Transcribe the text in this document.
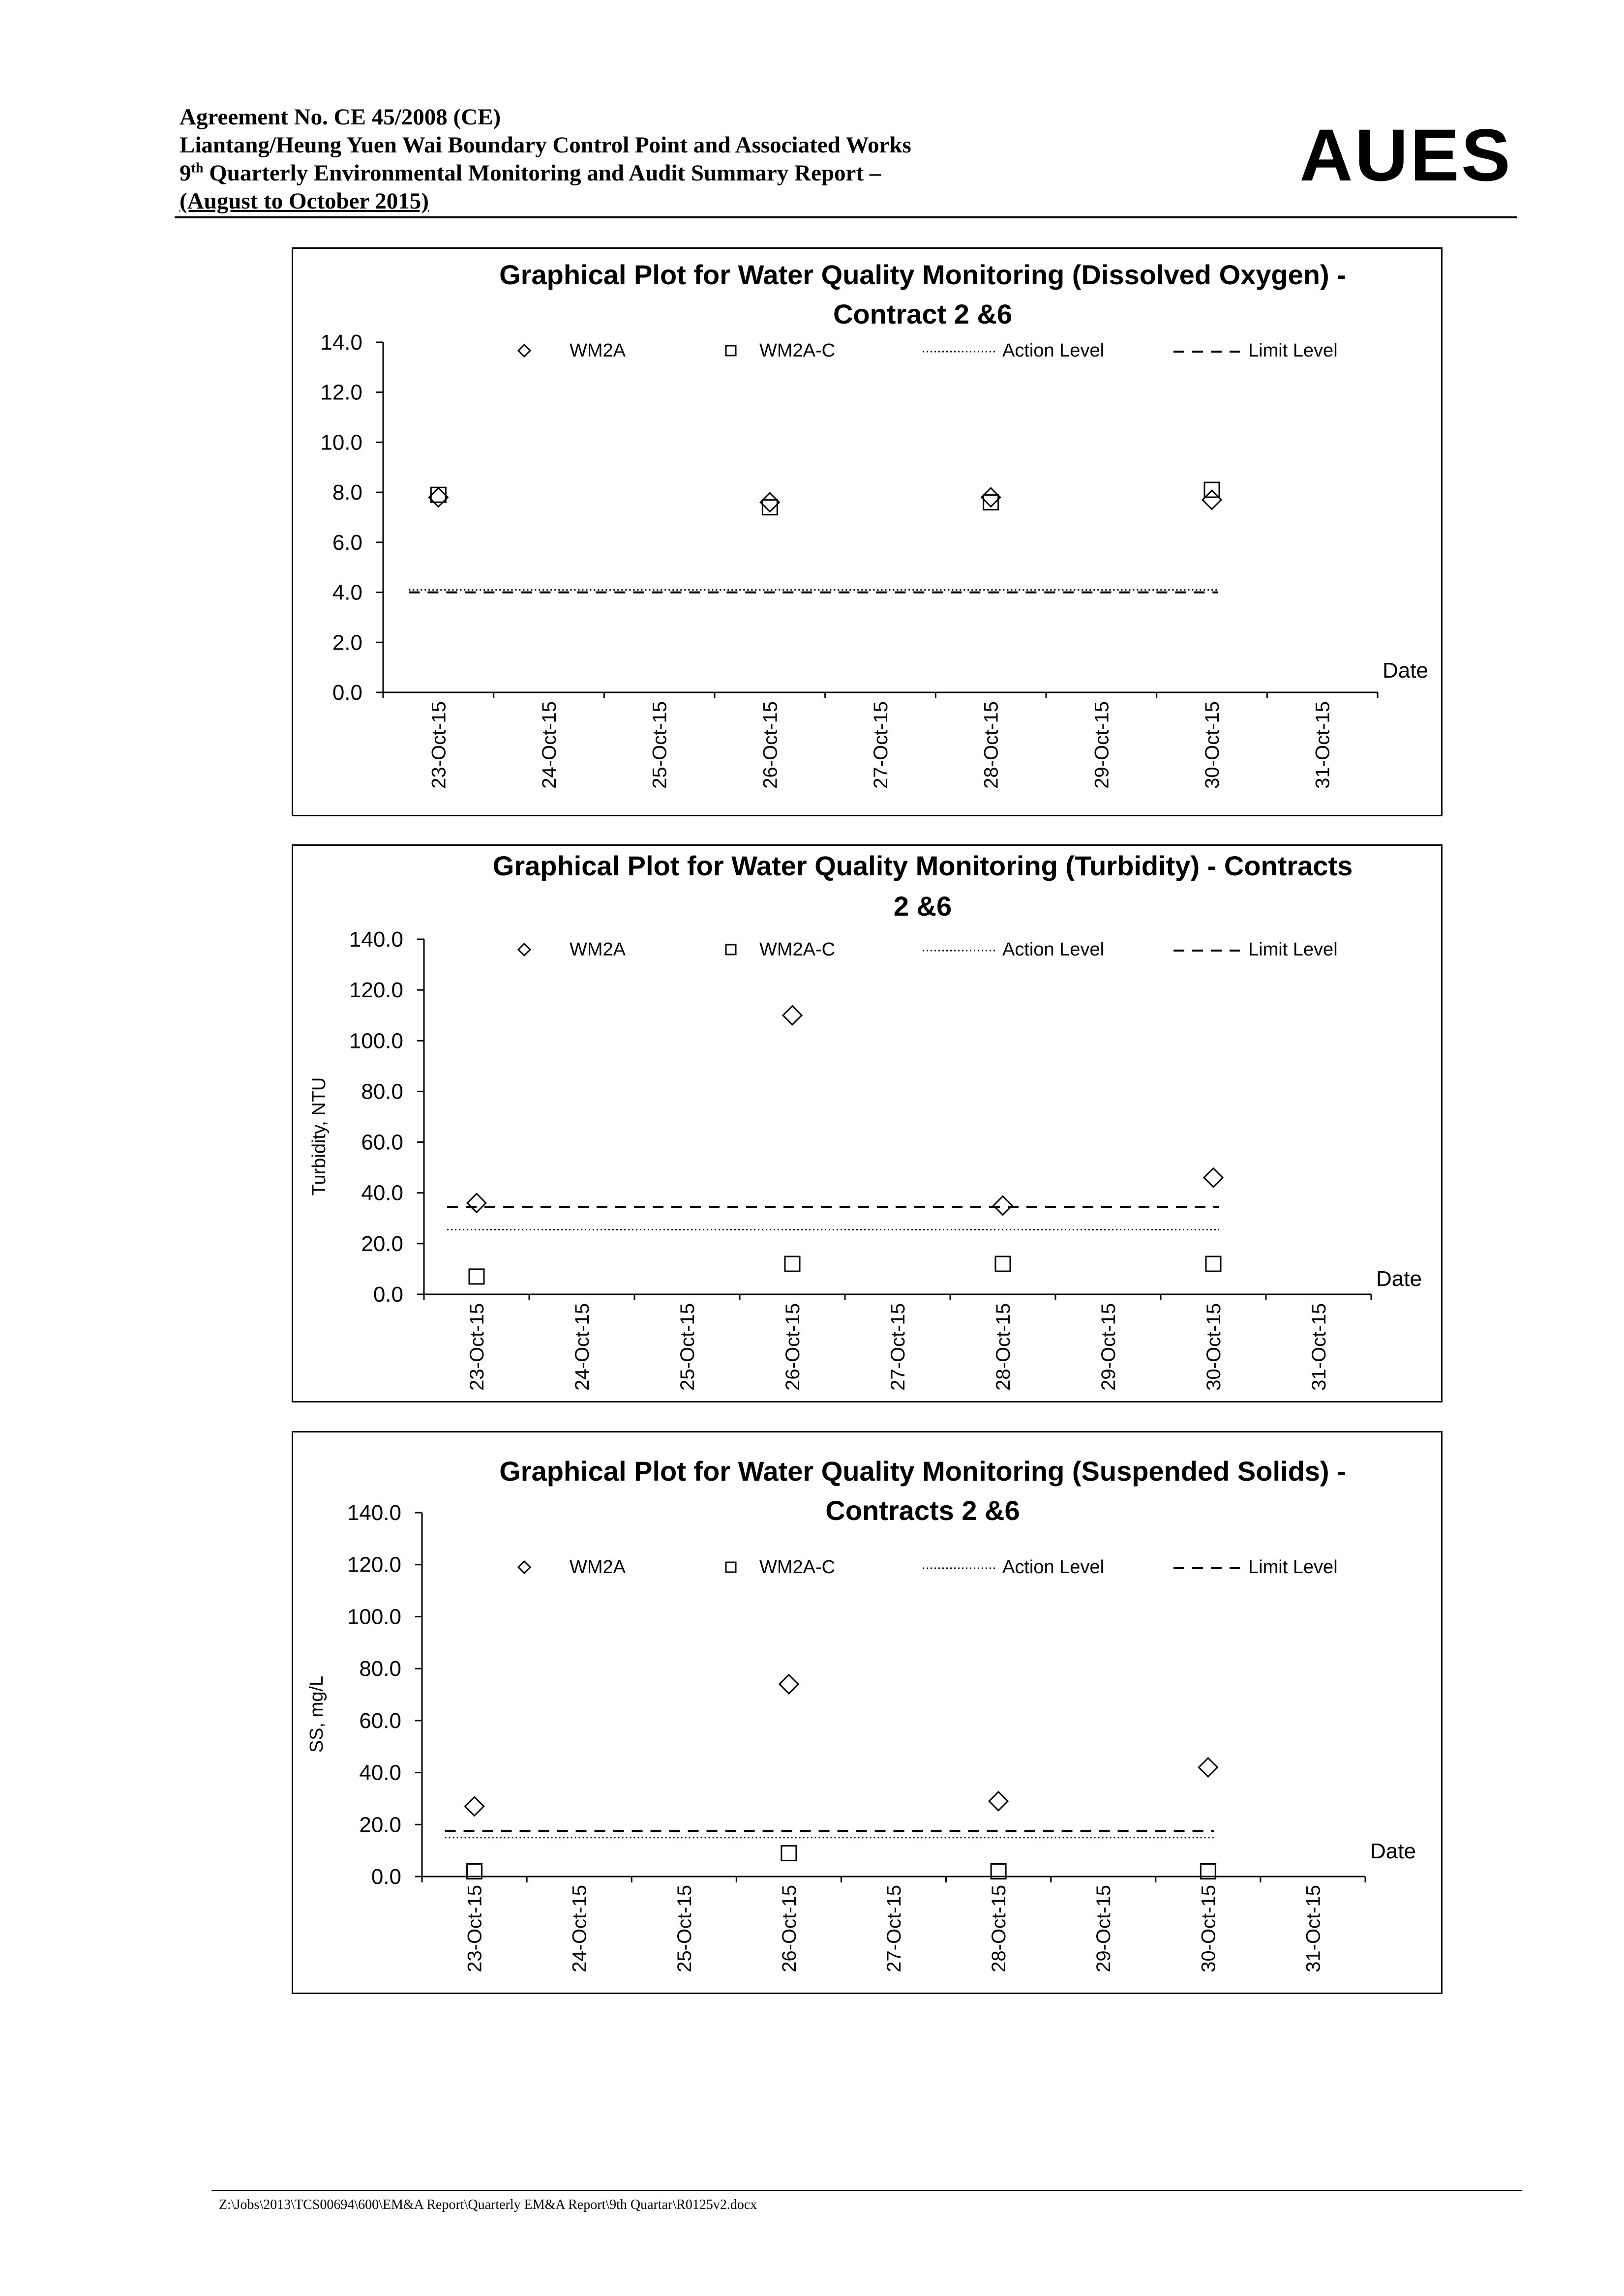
Agreement No. CE 45/2008 (CE)
Liantang/Heung Yuen Wai Boundary Control Point and Associated Works
9th Quarterly Environmental Monitoring and Audit Summary Report –
(August to October 2015)
AUES
Graphical Plot for Water Quality Monitoring (Dissolved Oxygen) -
Contract 2 &6
WM2A	WM2A-C	Action Level	Limit Level
0.0
2.0
4.0
6.0
8.0
10.0
12.0
14.0
23-Oct-15	24-Oct-15	25-Oct-15	26-Oct-15	27-Oct-15	28-Oct-15	29-Oct-15	30-Oct-15	31-Oct-15
Date
Graphical Plot for Water Quality Monitoring (Turbidity) - Contracts
2 &6
WM2A	WM2A-C	Action Level	Limit Level
0.0
20.0
40.0
60.0
80.0
100.0
120.0
140.0
Turbidity, NTU
23-Oct-15	24-Oct-15	25-Oct-15	26-Oct-15	27-Oct-15	28-Oct-15	29-Oct-15	30-Oct-15	31-Oct-15
Date
Graphical Plot for Water Quality Monitoring (Suspended Solids) -
Contracts 2 &6
WM2A	WM2A-C	Action Level	Limit Level
0.0
20.0
40.0
60.0
80.0
100.0
120.0
140.0
SS, mg/L
23-Oct-15	24-Oct-15	25-Oct-15	26-Oct-15	27-Oct-15	28-Oct-15	29-Oct-15	30-Oct-15	31-Oct-15
Date
Z:\Jobs\2013\TCS00694\600\EM&A Report\Quarterly EM&A Report\9th Quartar\R0125v2.docx
